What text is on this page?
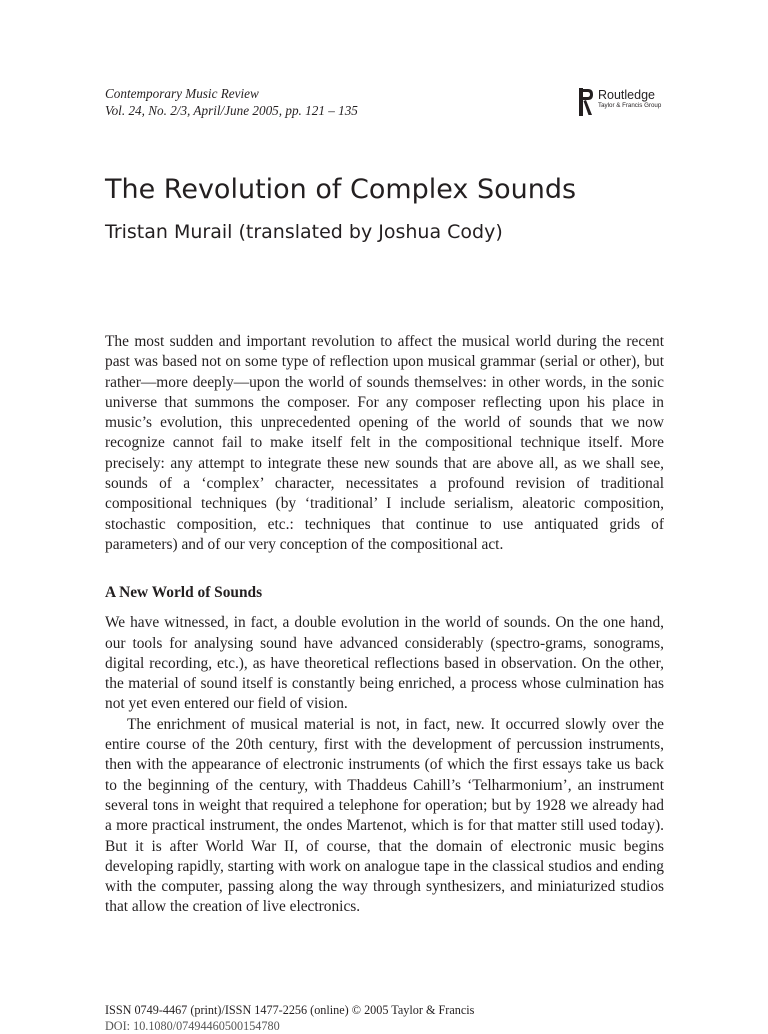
Contemporary Music Review
Vol. 24, No. 2/3, April/June 2005, pp. 121 – 135
Routledge
Taylor & Francis Group
The Revolution of Complex Sounds
Tristan Murail (translated by Joshua Cody)

The most sudden and important revolution to affect the musical world during the recent past was based not on some type of reflection upon musical grammar (serial or other), but rather—more deeply—upon the world of sounds themselves: in other words, in the sonic universe that summons the composer. For any composer reflecting upon his place in music’s evolution, this unprecedented opening of the world of sounds that we now recognize cannot fail to make itself felt in the compositional technique itself. More precisely: any attempt to integrate these new sounds that are above all, as we shall see, sounds of a ‘complex’ character, necessitates a profound revision of traditional compositional techniques (by ‘traditional’ I include serialism, aleatoric composition, stochastic composition, etc.: techniques that continue to use antiquated grids of parameters) and of our very conception of the compositional act.

A New World of Sounds

We have witnessed, in fact, a double evolution in the world of sounds. On the one hand, our tools for analysing sound have advanced considerably (spectro-grams, sonograms, digital recording, etc.), as have theoretical reflections based in observation. On the other, the material of sound itself is constantly being enriched, a process whose culmination has not yet even entered our field of vision.

The enrichment of musical material is not, in fact, new. It occurred slowly over the entire course of the 20th century, first with the development of percussion instruments, then with the appearance of electronic instruments (of which the first essays take us back to the beginning of the century, with Thaddeus Cahill’s ‘Telharmonium’, an instrument several tons in weight that required a telephone for operation; but by 1928 we already had a more practical instrument, the ondes Martenot, which is for that matter still used today). But it is after World War II, of course, that the domain of electronic music begins developing rapidly, starting with work on analogue tape in the classical studios and ending with the computer, passing along the way through synthesizers, and miniaturized studios that allow the creation of live electronics.

ISSN 0749-4467 (print)/ISSN 1477-2256 (online) © 2005 Taylor & Francis
DOI: 10.1080/07494460500154780
